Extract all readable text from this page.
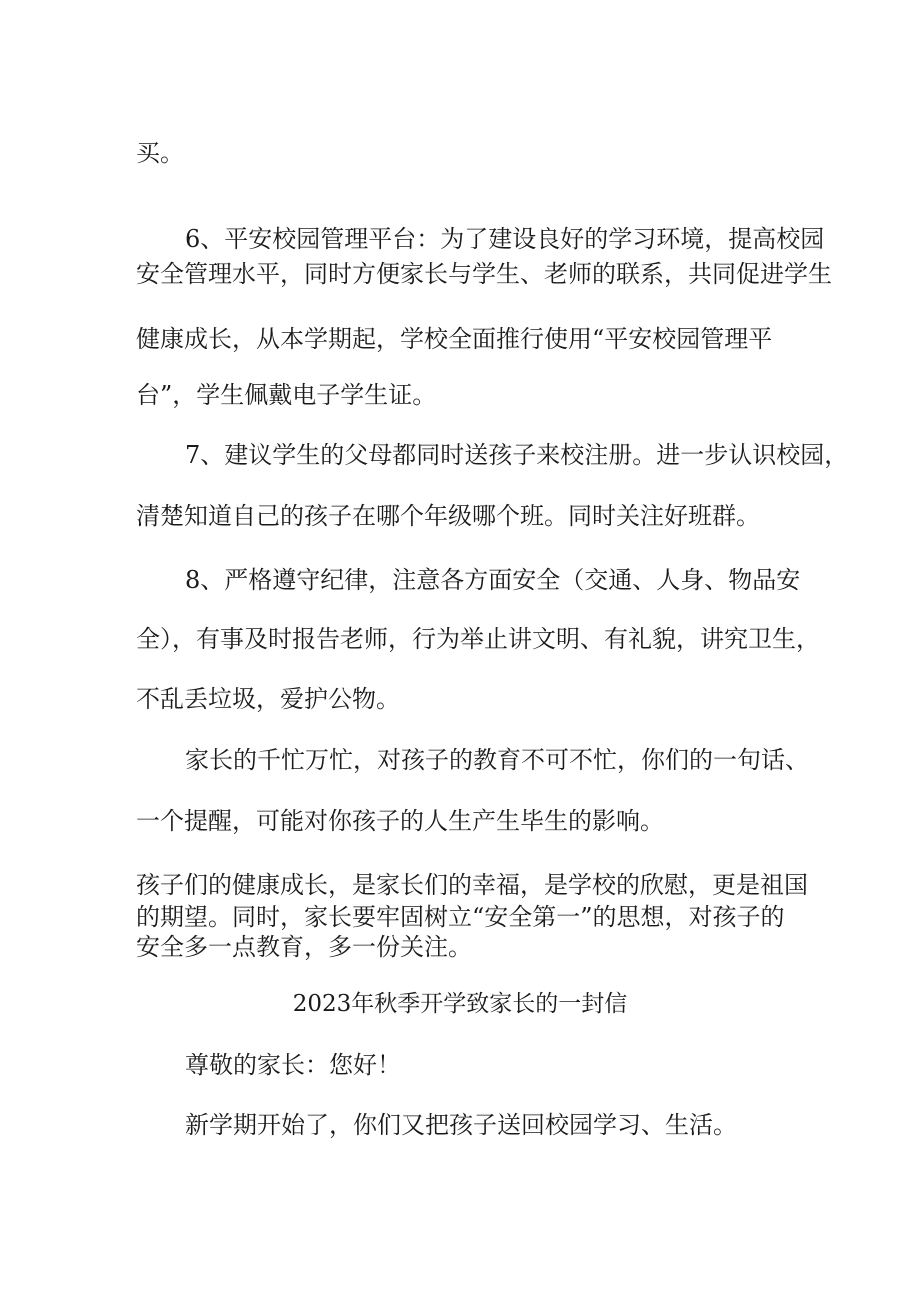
买。
6、平安校园管理平台：为了建设良好的学习环境，提高校园
安全管理水平，同时方便家长与学生、老师的联系，共同促进学生
健康成长，从本学期起，学校全面推行使用“平安校园管理平
台”，学生佩戴电子学生证。
7、建议学生的父母都同时送孩子来校注册。进一步认识校园，
清楚知道自己的孩子在哪个年级哪个班。同时关注好班群。
8、严格遵守纪律，注意各方面安全（交通、人身、物品安
全），有事及时报告老师，行为举止讲文明、有礼貌，讲究卫生，
不乱丢垃圾，爱护公物。
家长的千忙万忙，对孩子的教育不可不忙，你们的一句话、
一个提醒，可能对你孩子的人生产生毕生的影响。
孩子们的健康成长，是家长们的幸福，是学校的欣慰，更是祖国
的期望。同时，家长要牢固树立“安全第一”的思想，对孩子的
安全多一点教育，多一份关注。
2023年秋季开学致家长的一封信
尊敬的家长：您好！
新学期开始了，你们又把孩子送回校园学习、生活。
